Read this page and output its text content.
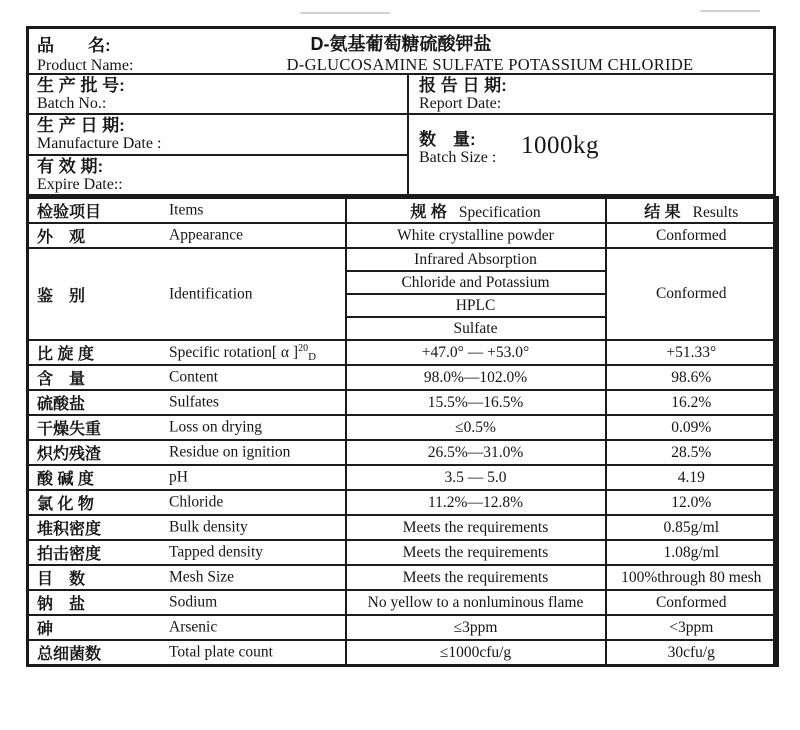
品　　名:	D-氨基葡萄糖硫酸钾盐
Product Name:	D-GLUCOSAMINE SULFATE POTASSIUM CHLORIDE
生 产 批 号:
Batch No.:
报 告 日 期:
Report Date:
生 产 日 期:
Manufacture Date :
有 效 期:
Expire Date::
数　量:
Batch Size : 1000kg
检验项目 Items	规 格 Specification	结 果 Results
外　观 Appearance	White crystalline powder	Conformed
鉴　别 Identification	Infrared Absorption	Conformed
	Chloride and Potassium	
	HPLC	
	Sulfate	
比 旋 度 Specific rotation[ α ]$^{20}_D$	+47.0° — +53.0°	+51.33°
含　量 Content	98.0%—102.0%	98.6%
硫酸盐 Sulfates	15.5%—16.5%	16.2%
干燥失重 Loss on drying	≤0.5%	0.09%
炽灼残渣 Residue on ignition	26.5%—31.0%	28.5%
酸 碱 度 pH	3.5 — 5.0	4.19
氯 化 物 Chloride	11.2%—12.8%	12.0%
堆积密度 Bulk density	Meets the requirements	0.85g/ml
拍击密度 Tapped density	Meets the requirements	1.08g/ml
目　数 Mesh Size	Meets the requirements	100%through 80 mesh
钠　盐 Sodium	No yellow to a nonluminous flame	Conformed
砷 Arsenic	≤3ppm	<3ppm
总细菌数 Total plate count	≤1000cfu/g	30cfu/g
